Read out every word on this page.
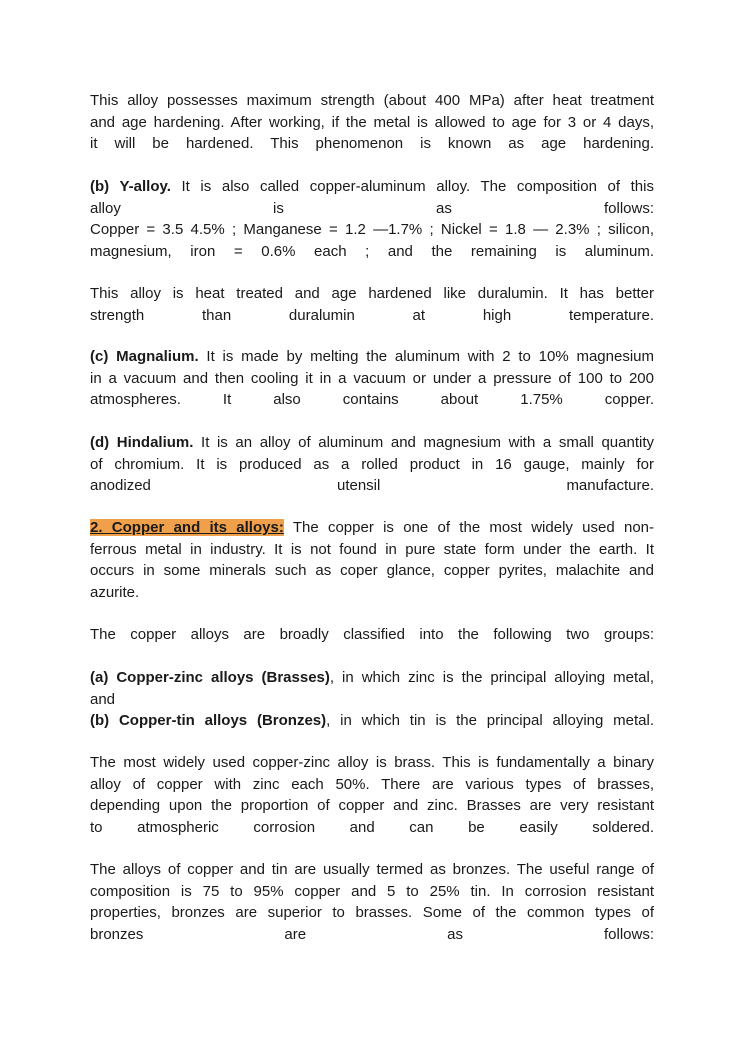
This alloy possesses maximum strength (about 400 MPa) after heat treatment
and age hardening. After working, if the metal is allowed to age for 3 or 4 days,
it will be hardened. This phenomenon is known as age hardening.
(b) Y-alloy. It is also called copper-aluminum alloy. The composition of this
alloy is as follows:
Copper = 3.5 4.5% ; Manganese = 1.2 —1.7% ; Nickel = 1.8 — 2.3% ; silicon,
magnesium, iron = 0.6% each ; and the remaining is aluminum.
This alloy is heat treated and age hardened like duralumin. It has better
strength than duralumin at high temperature.
(c) Magnalium. It is made by melting the aluminum with 2 to 10% magnesium
in a vacuum and then cooling it in a vacuum or under a pressure of 100 to 200
atmospheres. It also contains about 1.75% copper.
(d) Hindalium. It is an alloy of aluminum and magnesium with a small quantity
of chromium. It is produced as a rolled product in 16 gauge, mainly for
anodized utensil manufacture.
2. Copper and its alloys: The copper is one of the most widely used non-
ferrous metal in industry. It is not found in pure state form under the earth. It
occurs in some minerals such as coper glance, copper pyrites, malachite and
azurite.
The copper alloys are broadly classified into the following two groups:
(a) Copper-zinc alloys (Brasses), in which zinc is the principal alloying metal,
and
(b) Copper-tin alloys (Bronzes), in which tin is the principal alloying metal.
The most widely used copper-zinc alloy is brass. This is fundamentally a binary
alloy of copper with zinc each 50%. There are various types of brasses,
depending upon the proportion of copper and zinc. Brasses are very resistant
to atmospheric corrosion and can be easily soldered.
The alloys of copper and tin are usually termed as bronzes. The useful range of
composition is 75 to 95% copper and 5 to 25% tin. In corrosion resistant
properties, bronzes are superior to brasses. Some of the common types of
bronzes are as follows:
